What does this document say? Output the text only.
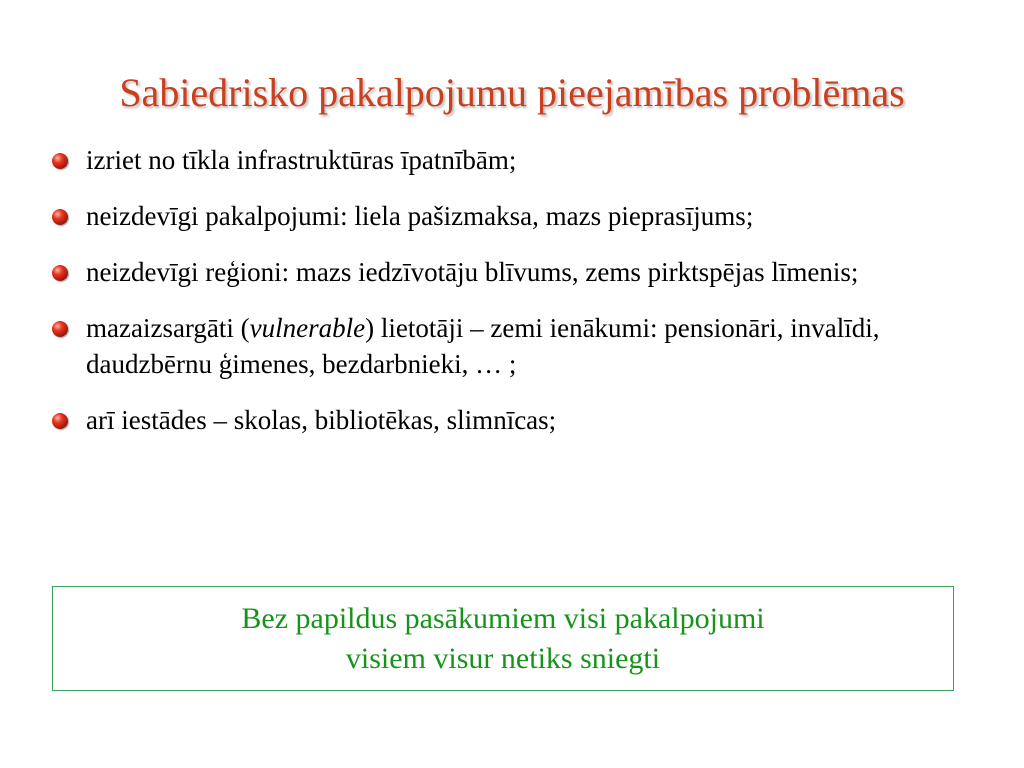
Sabiedrisko pakalpojumu pieejamības problēmas
izriet no tīkla infrastruktūras īpatnībām;
neizdevīgi pakalpojumi: liela pašizmaksa, mazs pieprasījums;
neizdevīgi reģioni: mazs iedzīvotāju blīvums, zems pirktspējas līmenis;
mazaizsargāti (vulnerable) lietotāji – zemi ienākumi: pensionāri, invalīdi, daudzbērnu ģimenes, bezdarbnieki, … ;
arī iestādes – skolas, bibliotēkas, slimnīcas;
Bez papildus pasākumiem visi pakalpojumi
visiem visur netiks sniegti
